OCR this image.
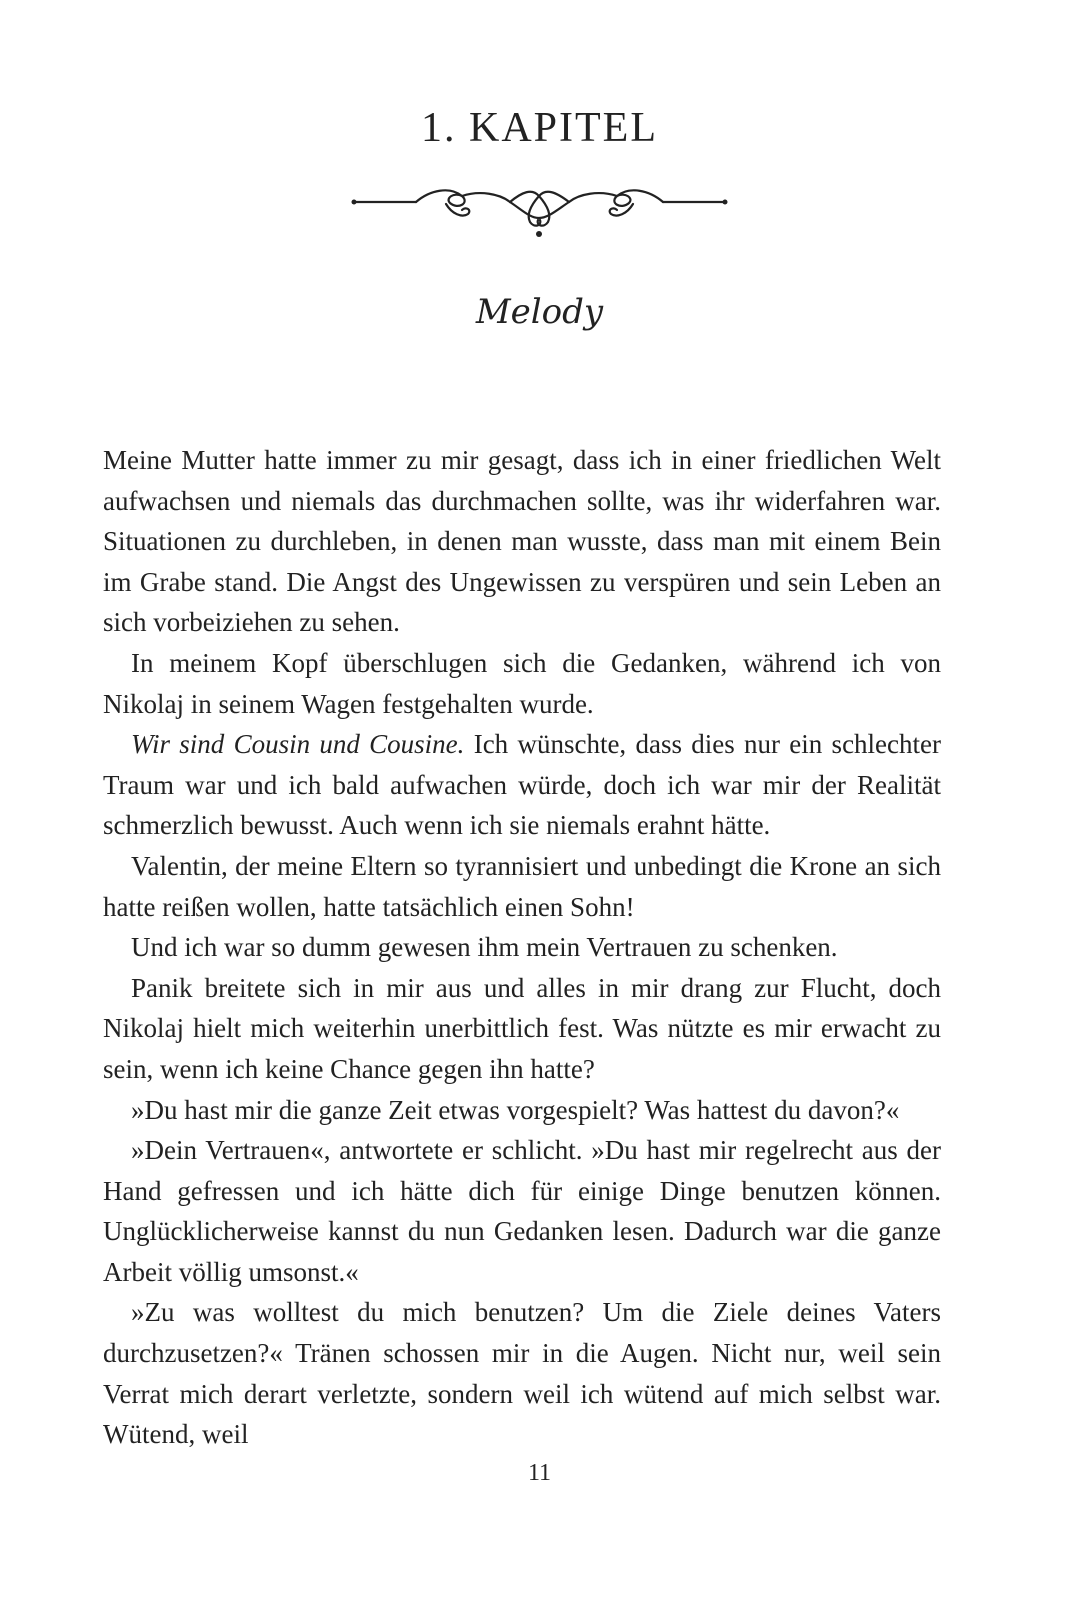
1. KAPITEL
Melody

Meine Mutter hatte immer zu mir gesagt, dass ich in einer friedlichen Welt aufwachsen und niemals das durchmachen sollte, was ihr widerfahren war. Situationen zu durchleben, in denen man wusste, dass man mit einem Bein im Grabe stand. Die Angst des Ungewissen zu verspüren und sein Leben an sich vorbeiziehen zu sehen.

In meinem Kopf überschlugen sich die Gedanken, während ich von Nikolaj in seinem Wagen festgehalten wurde.

Wir sind Cousin und Cousine. Ich wünschte, dass dies nur ein schlechter Traum war und ich bald aufwachen würde, doch ich war mir der Realität schmerzlich bewusst. Auch wenn ich sie niemals erahnt hätte.

Valentin, der meine Eltern so tyrannisiert und unbedingt die Krone an sich hatte reißen wollen, hatte tatsächlich einen Sohn!

Und ich war so dumm gewesen ihm mein Vertrauen zu schenken.

Panik breitete sich in mir aus und alles in mir drang zur Flucht, doch Nikolaj hielt mich weiterhin unerbittlich fest. Was nützte es mir erwacht zu sein, wenn ich keine Chance gegen ihn hatte?

»Du hast mir die ganze Zeit etwas vorgespielt? Was hattest du davon?«

»Dein Vertrauen«, antwortete er schlicht. »Du hast mir regelrecht aus der Hand gefressen und ich hätte dich für einige Dinge benutzen können. Unglücklicherweise kannst du nun Gedanken lesen. Dadurch war die ganze Arbeit völlig umsonst.«

»Zu was wolltest du mich benutzen? Um die Ziele deines Vaters durchzusetzen?« Tränen schossen mir in die Augen. Nicht nur, weil sein Verrat mich derart verletzte, sondern weil ich wütend auf mich selbst war. Wütend, weil

11
